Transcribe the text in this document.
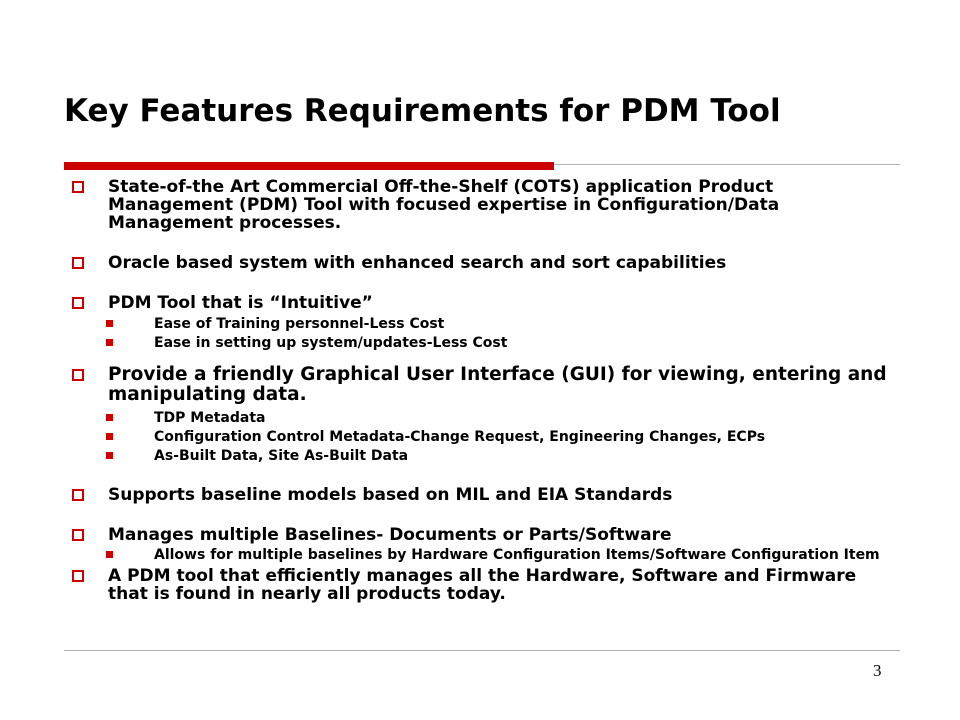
Key Features Requirements for PDM Tool
State-of-the Art Commercial Off-the-Shelf (COTS) application Product Management (PDM) Tool with focused expertise in Configuration/Data Management processes.
Oracle based system with enhanced search and sort capabilities
PDM Tool that is “Intuitive”
Ease of Training personnel-Less Cost
Ease in setting up system/updates-Less Cost
Provide a friendly Graphical User Interface (GUI) for viewing, entering and manipulating data.
TDP Metadata
Configuration Control Metadata-Change Request, Engineering Changes, ECPs
As-Built Data, Site As-Built Data
Supports baseline models based on MIL and EIA Standards
Manages multiple Baselines- Documents or Parts/Software
Allows for multiple baselines by Hardware Configuration Items/Software Configuration Item
A PDM tool that efficiently manages all the Hardware, Software and Firmware that is found in nearly all products today.
3
